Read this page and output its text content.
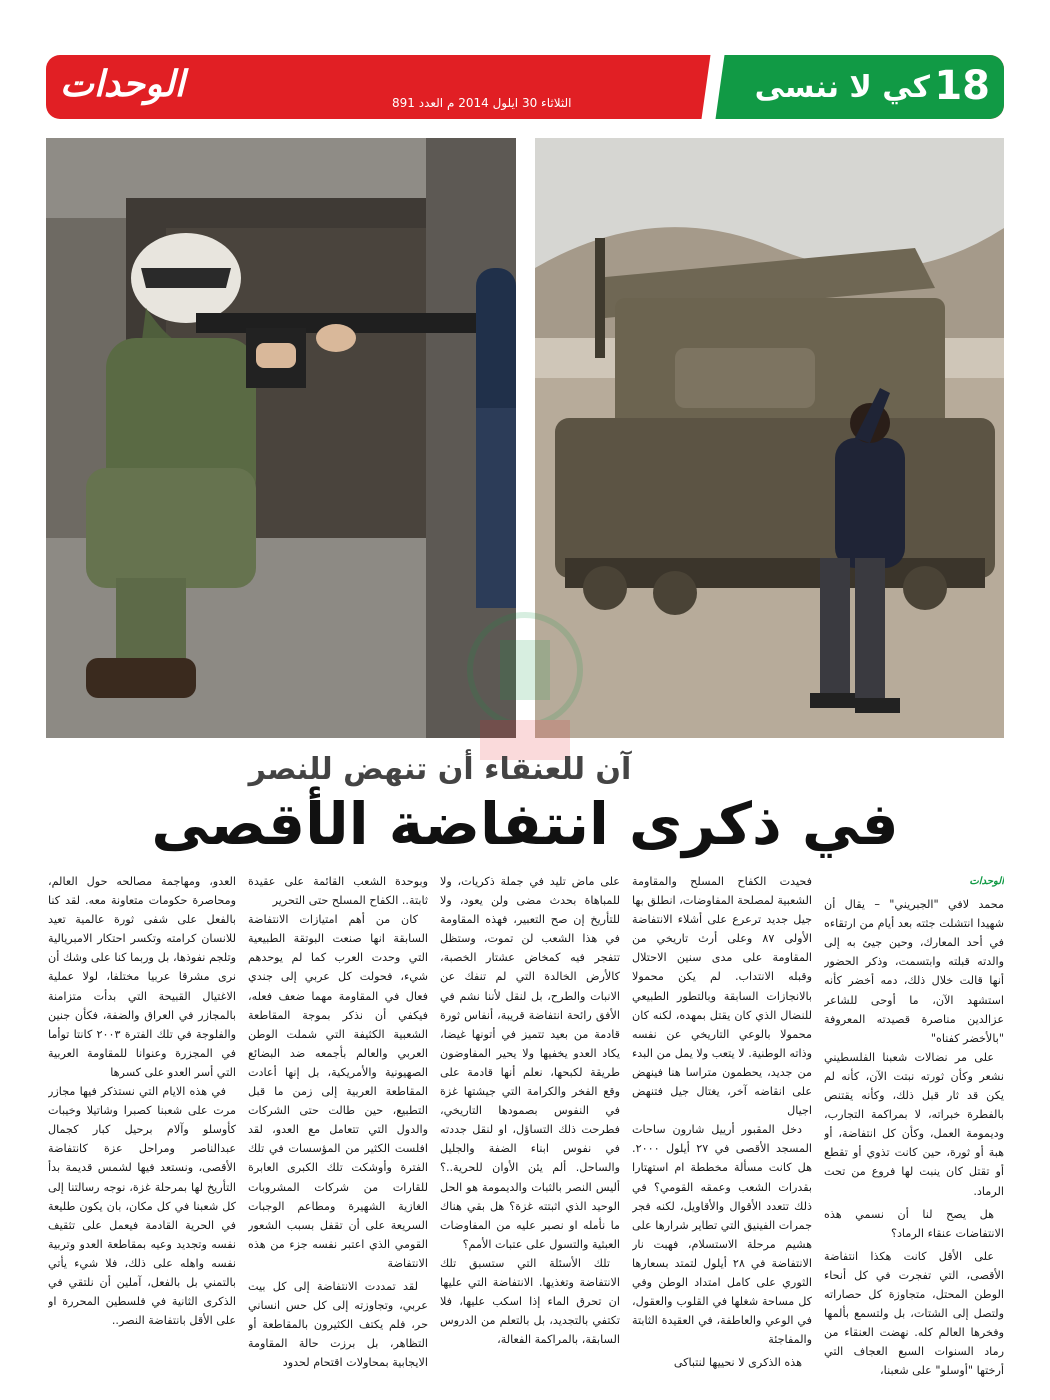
الوحدات	الثلاثاء 30 ايلول 2014 م العدد 891	18
كي لا ننسى
آن للعنقاء أن تنهض للنصر
في ذكرى انتفاضة الأقصى
الوحدات

محمد لافي "الجبريني" – يقال أن شهيدا انتشلت جثته بعد أيام من ارتقاءه في أحد المعارك، وحين جيئ به إلى والدته قبلته وابتسمت، وذكر الحضور أنها قالت خلال ذلك، دمه أخضر كأنه استشهد الآن، ما أوحى للشاعر عزالدين مناصرة قصيدته المعروفة "بالأخضر كفناه"

على مر نضالات شعبنا الفلسطيني نشعر وكأن ثورته نبتت الآن، كأنه لم يكن قد ثار قبل ذلك، وكأنه يقتنص بالفطرة خبراته، لا بمراكمة التجارب، وديمومة العمل، وكأن كل انتفاضة، أو هبة أو ثورة، حين كانت تذوي أو تقطع أو تقتل كان ينبت لها فروع من تحت الرماد.

هل يصح لنا أن نسمي هذه الانتفاضات عنقاء الرماد؟

على الأقل كانت هكذا انتفاضة الأقصى، التي تفجرت في كل أنحاء الوطن المحتل، متجاوزة كل حصاراته ولتصل إلى الشتات، بل ولتسمع بألمها وفخرها العالم كله. نهضت العنقاء من رماد السنوات السبع العجاف التي أرختها "أوسلو" على شعبنا،

فحيدت الكفاح المسلح والمقاومة الشعبية لمصلحة المفاوضات، انطلق بها جيل جديد ترعرع على أشلاء الانتفاضة الأولى ٨٧ وعلى أرث تاريخي من المقاومة على مدى سنين الاحتلال وقبله الانتداب. لم يكن محمولا بالانجازات السابقة وبالتطور الطبيعي للنضال الذي كان يقتل بمهده، لكنه كان محمولا بالوعي التاريخي عن نفسه وذاته الوطنية. لا يتعب ولا يمل من البدء من جديد، يحطمون متراسا هنا فينهض على انقاضه آخر، يغتال جيل فتنهض اجيال

دخل المقبور أرييل شارون ساحات المسجد الأقصى في ٢٧ أيلول ٢٠٠٠. هل كانت مسألة مخططة ام استهتارا بقدرات الشعب وعمقه القومي؟ في ذلك تتعدد الأقوال والأقاويل، لكنه فجر جمرات الفينيق التي تطاير شرارها على هشيم مرحلة الاستسلام، فهبت نار الانتفاضة في ٢٨ أيلول لتمتد بسعارها الثوري على كامل امتداد الوطن وفي كل مساحة شغلها في القلوب والعقول، في الوعي والعاطفة، في العقيدة الثابتة والمفاجئة

هذه الذكرى لا نحييها لنتباكى

على ماض تليد في جملة ذكريات، ولا للمباهاة بحدث مضى ولن يعود، ولا للتأريخ إن صح التعبير، فهذه المقاومة في هذا الشعب لن تموت، وستظل تتفجر فيه كمخاض عشتار الخصبة، كالأرض الخالدة التي لم تنفك عن الانبات والطرح، بل لنقل لأننا نشم في الأفق رائحة انتفاضة قريبة، أنفاس ثورة قادمة من بعيد تتميز في أتونها غيضا، يكاد العدو يخفيها ولا يحير المفاوضون طريقة لكبحها، نعلم أنها قادمة على وقع الفخر والكرامة التي جيشتها غزة في النفوس بصمودها التاريخي، فطرحت ذلك التساؤل، او لنقل جددته في نفوس ابناء الضفة والجليل والساحل. ألم يئن الأوان للحرية..؟ أليس النصر بالثبات والديمومة هو الحل الوحيد الذي اثبتته غزة؟ هل بقي هناك ما نأمله او نصبر عليه من المفاوضات العبثية والتسول على عتبات الأمم؟

تلك الأسئلة التي ستسبق تلك الانتفاضة وتغذيها. الانتفاضة التي عليها ان تحرق الماء إذا اسكب عليها، فلا تكتفي بالتجديد، بل بالتعلم من الدروس السابقة، بالمراكمة الفعالة،

وبوحدة الشعب القائمة على عقيدة ثابتة.. الكفاح المسلح حتى التحرير

كان من أهم امتيازات الانتفاضة السابقة انها صنعت البوتقة الطبيعية التي وحدت العرب كما لم يوحدهم شيء، فحولت كل عربي إلى جندي فعال في المقاومة مهما ضعف فعله، فيكفي أن نذكر بموجة المقاطعة الشعبية الكثيفة التي شملت الوطن العربي والعالم بأجمعه ضد البضائع الصهيونية والأمريكية، بل إنها أعادت المقاطعة العربية إلى زمن ما قبل التطبيع، حين طالت حتى الشركات والدول التي تتعامل مع العدو، لقد افلست الكثير من المؤسسات في تلك الفترة وأوشكت تلك الكبرى العابرة للقارات من شركات المشروبات الغازية الشهيرة ومطاعم الوجبات السريعة على أن تقفل بسبب الشعور القومي الذي اعتبر نفسه جزء من هذه الانتفاضة

لقد تمددت الانتفاضة إلى كل بيت عربي، وتجاوزته إلى كل حس انساني حر، فلم يكتف الكثيرون بالمقاطعة أو التظاهر، بل برزت حالة المقاومة الايجابية بمحاولات اقتحام لحدود

العدو، ومهاجمة مصالحه حول العالم، ومحاصرة حكومات متعاونة معه. لقد كنا بالفعل على شفى ثورة عالمية تعيد للانسان كرامته وتكسر احتكار الامبريالية وتلجم نفوذها، بل وربما كنا على وشك أن نرى مشرقا عربيا مختلفا، لولا عملية الاغتيال القبيحة التي بدأت متزامنة بالمجازر في العراق والضفة، فكأن جنين والفلوجة في تلك الفترة ٢٠٠٣ كانتا توأما في المجزرة وعنوانا للمقاومة العربية التي أسر العدو على كسرها

في هذه الايام التي نستذكر فيها مجازر مرت على شعبنا كصبرا وشاتيلا وخيبات كأوسلو وآلام برحيل كبار كجمال عبدالناصر ومراحل عزة كانتفاضة الأقصى، ونستعد فيها لشمس قديمة بدأ التأريخ لها بمرحلة غزة، نوجه رسالتنا إلى كل شعبنا في كل مكان، بان يكون طليعة في الحرية القادمة فيعمل على تثقيف نفسه وتجديد وعيه بمقاطعة العدو وتربية نفسه واهله على ذلك، فلا شيء يأتي بالتمني بل بالفعل، آملين أن نلتقي في الذكرى الثانية في فلسطين المحررة او على الأقل بانتفاضة النصر..
